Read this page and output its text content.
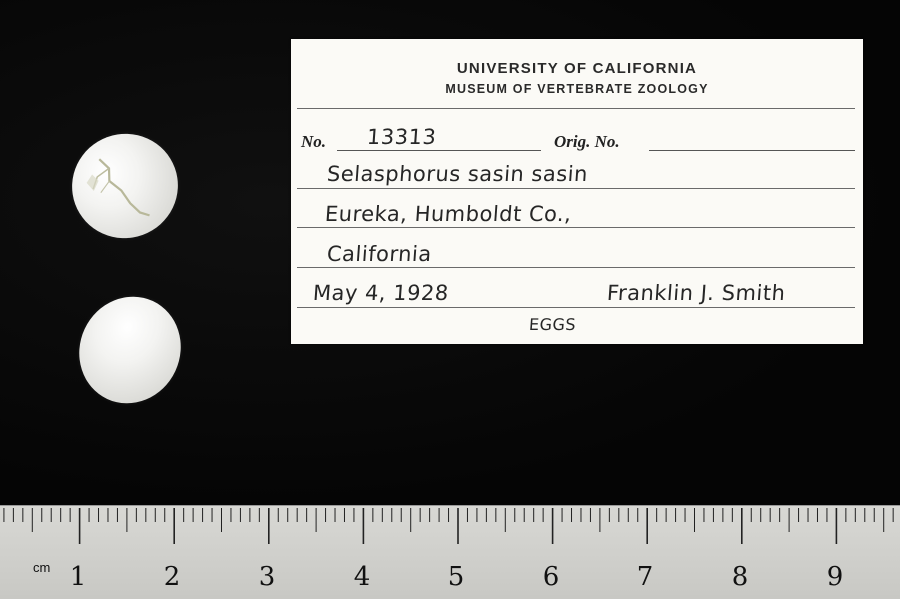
UNIVERSITY OF CALIFORNIA
MUSEUM OF VERTEBRATE ZOOLOGY
No. 13313	Orig. No.
Selasphorus sasin sasin
Eureka, Humboldt Co.,
California
May 4, 1928	Franklin J. Smith
EGGS
cm 1	2	3	4	5	6	7	8	9
